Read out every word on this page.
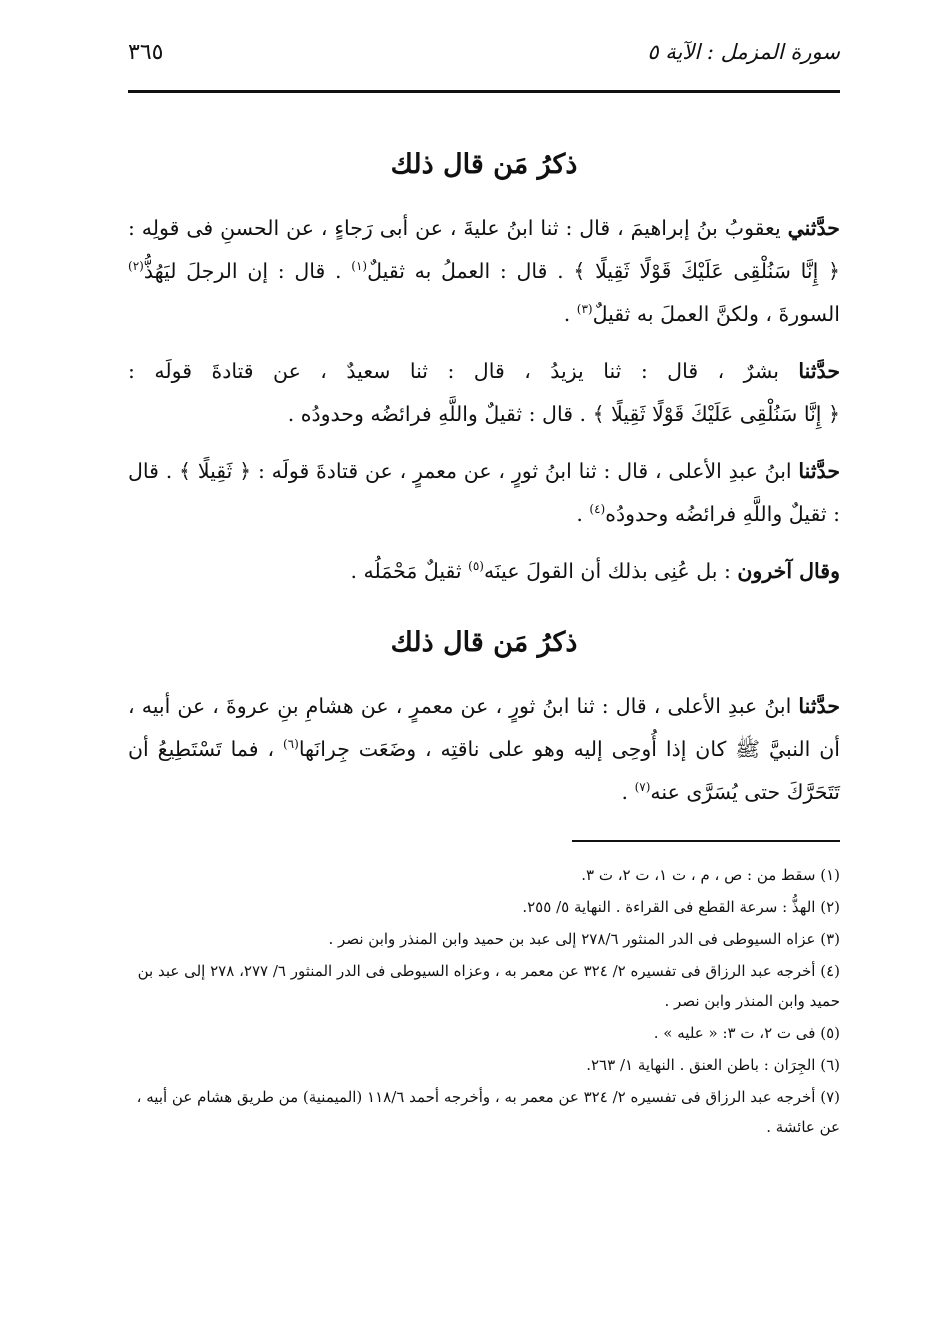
سورة المزمل : الآية ٥
٣٦٥
ذكرُ مَن قال ذلك

حدَّثني يعقوبُ بنُ إبراهيمَ ، قال : ثنا ابنُ عليةَ ، عن أبى رَجاءٍ ، عن الحسنِ فى قولِه : ﴿ إِنَّا سَنُلْقِى عَلَيْكَ قَوْلًا ثَقِيلًا ﴾ . قال : العملُ به ثقيلٌ$^{(١)}$ . قال : إن الرجلَ ليَهُذُّ$^{(٢)}$ السورةَ ، ولكنَّ العملَ به ثقيلٌ$^{(٣)}$ .

حدَّثنا بشرٌ ، قال : ثنا يزيدُ ، قال : ثنا سعيدٌ ، عن قتادةَ قولَه : ﴿ إِنَّا سَنُلْقِى عَلَيْكَ قَوْلًا ثَقِيلًا ﴾ . قال : ثقيلٌ واللَّهِ فرائضُه وحدودُه .

حدَّثنا ابنُ عبدِ الأعلى ، قال : ثنا ابنُ ثورٍ ، عن معمرٍ ، عن قتادةَ قولَه : ﴿ ثَقِيلًا ﴾ . قال : ثقيلٌ واللَّهِ فرائضُه وحدودُه$^{(٤)}$ .

وقال آخرون : بل عُنِى بذلك أن القولَ عينَه$^{(٥)}$ ثقيلٌ مَحْمَلُه .

ذكرُ مَن قال ذلك

حدَّثنا ابنُ عبدِ الأعلى ، قال : ثنا ابنُ ثورٍ ، عن معمرٍ ، عن هشامِ بنِ عروةَ ، عن أبيه ، أن النبيَّ ﷺ كان إذا أُوحِى إليه وهو على ناقتِه ، وضَعَت جِرانَها$^{(٦)}$ ، فما تَسْتَطِيعُ أن تَتَحَرَّكَ حتى يُسَرَّى عنه$^{(٧)}$ .

(١) سقط من : ص ، م ، ت ١، ت ٢، ت ٣.
(٢) الهذُّ : سرعة القطع فى القراءة . النهاية ٥/ ٢٥٥.
(٣) عزاه السيوطى فى الدر المنثور ٢٧٨/٦ إلى عبد بن حميد وابن المنذر وابن نصر .
(٤) أخرجه عبد الرزاق فى تفسيره ٢/ ٣٢٤ عن معمر به ، وعزاه السيوطى فى الدر المنثور ٦/ ٢٧٧، ٢٧٨ إلى عبد بن حميد وابن المنذر وابن نصر .
(٥) فى ت ٢، ت ٣: « عليه » .
(٦) الجِرَان : باطن العنق . النهاية ١/ ٢٦٣.
(٧) أخرجه عبد الرزاق فى تفسيره ٢/ ٣٢٤ عن معمر به ، وأخرجه أحمد ١١٨/٦ (الميمنية) من طريق هشام عن أبيه ، عن عائشة .
